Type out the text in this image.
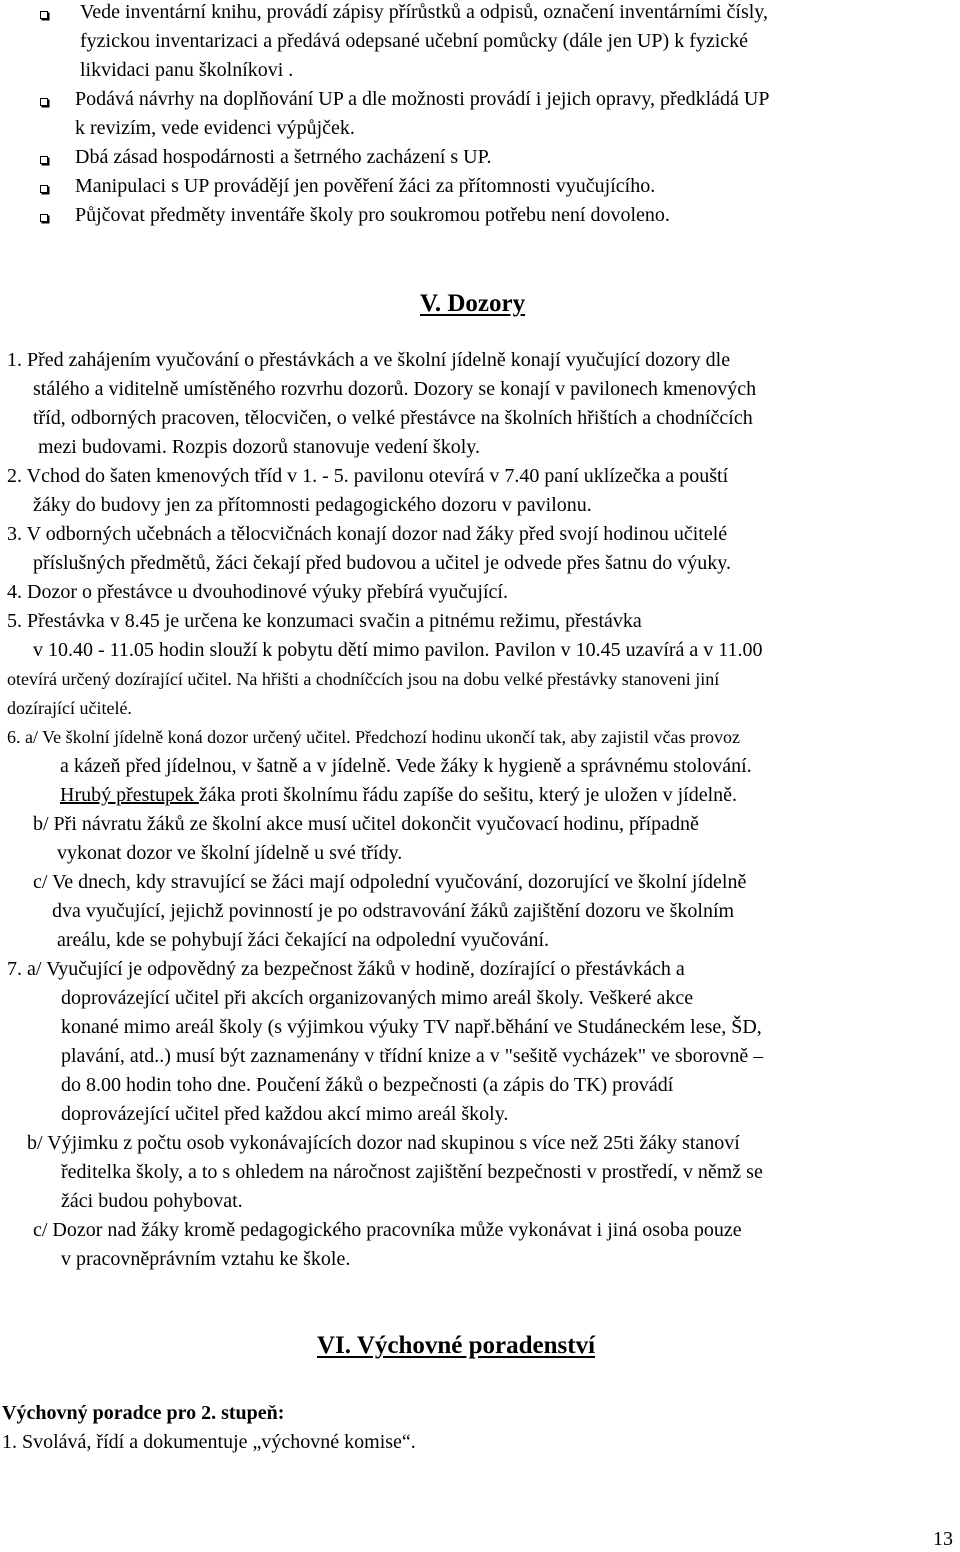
Vede inventární knihu, provádí zápisy přírůstků a odpisů, označení inventárními čísly,
fyzickou inventarizaci a předává odepsané učební pomůcky (dále jen UP) k fyzické
likvidaci panu školníkovi .
Podává návrhy na doplňování UP a dle možnosti provádí i jejich opravy, předkládá UP
k revizím, vede evidenci výpůjček.
Dbá zásad hospodárnosti a šetrného zacházení s UP.
Manipulaci s UP provádějí jen pověření žáci za přítomnosti vyučujícího.
Půjčovat předměty inventáře školy pro soukromou potřebu není dovoleno.
V. Dozory
1. Před zahájením vyučování o přestávkách a ve školní jídelně konají vyučující dozory dle
stálého a viditelně umístěného rozvrhu dozorů. Dozory se konají v pavilonech kmenových
tříd, odborných pracoven, tělocvičen, o velké přestávce na školních hřištích a chodníčcích
mezi budovami. Rozpis dozorů stanovuje vedení školy.
2. Vchod do šaten kmenových tříd v 1. - 5. pavilonu otevírá v 7.40 paní uklízečka a pouští
žáky do budovy jen za přítomnosti pedagogického dozoru v pavilonu.
3. V odborných učebnách a tělocvičnách konají dozor nad žáky před svojí hodinou učitelé
příslušných předmětů, žáci čekají před budovou a učitel je odvede přes šatnu do výuky.
4. Dozor o přestávce u dvouhodinové výuky přebírá vyučující.
5. Přestávka v 8.45 je určena ke konzumaci svačin a pitnému režimu, přestávka
v 10.40 - 11.05 hodin slouží k pobytu dětí mimo pavilon. Pavilon v 10.45 uzavírá a v 11.00
otevírá určený dozírající učitel. Na hřišti a chodníčcích jsou na dobu velké přestávky stanoveni jiní
dozírající učitelé.
6. a/ Ve školní jídelně koná dozor určený učitel. Předchozí hodinu ukončí tak, aby zajistil včas provoz
a kázeň před jídelnou, v šatně a v jídelně. Vede žáky k hygieně a správnému stolování.
Hrubý přestupek žáka proti školnímu řádu zapíše do sešitu, který je uložen v jídelně.
b/ Při návratu žáků ze školní akce musí učitel dokončit vyučovací hodinu, případně
vykonat dozor ve školní jídelně u své třídy.
c/ Ve dnech, kdy stravující se žáci mají odpolední vyučování, dozorující ve školní jídelně
dva vyučující, jejichž povinností je po odstravování žáků zajištění dozoru ve školním
areálu, kde se pohybují žáci čekající na odpolední vyučování.
7. a/ Vyučující je odpovědný za bezpečnost žáků v hodině, dozírající o přestávkách a
doprovázející učitel při akcích organizovaných mimo areál školy. Veškeré akce
konané mimo areál školy (s výjimkou výuky TV např.běhání ve Studáneckém lese, ŠD,
plavání, atd..) musí být zaznamenány v třídní knize a v "sešitě vycházek" ve sborovně –
do 8.00 hodin toho dne. Poučení žáků o bezpečnosti (a zápis do TK) provádí
doprovázející učitel před každou akcí mimo areál školy.
b/ Výjimku z počtu osob vykonávajících dozor nad skupinou s více než 25ti žáky stanoví
ředitelka školy, a to s ohledem na náročnost zajištění bezpečnosti v prostředí, v němž se
žáci budou pohybovat.
c/ Dozor nad žáky kromě pedagogického pracovníka může vykonávat i jiná osoba pouze
v pracovněprávním vztahu ke škole.
VI. Výchovné poradenství
Výchovný poradce pro 2. stupeň:
1. Svolává, řídí a dokumentuje „výchovné komise“.
13
